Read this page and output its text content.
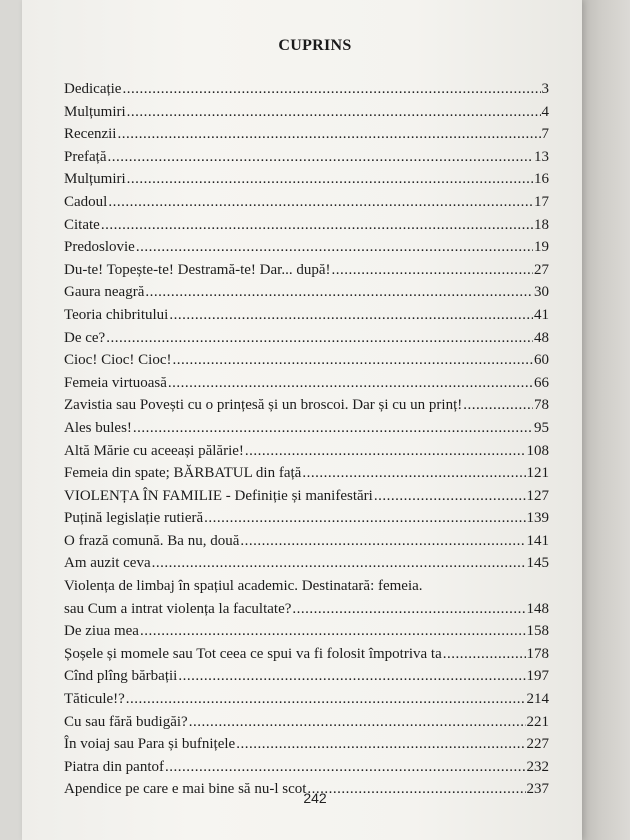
CUPRINS
Dedicație .....	3
Mulțumiri .....	4
Recenzii .....	7
Prefață .....	13
Mulțumiri .....	16
Cadoul .....	17
Citate .....	18
Predoslovie .....	19
Du-te! Topește-te! Destramă-te! Dar... după! .....	27
Gaura neagră .....	30
Teoria chibritului .....	41
De ce? .....	48
Cioc! Cioc! Cioc! .....	60
Femeia virtuoasă .....	66
Zavistia sau Povești cu o prințesă și un broscoi. Dar și cu un prinț! .....	78
Ales bules! .....	95
Altă Mărie cu aceeași pălărie! .....	108
Femeia din spate; BĂRBATUL din față .....	121
VIOLENȚA ÎN FAMILIE - Definiție și manifestări .....	127
Puțină legislație rutieră .....	139
O frază comună. Ba nu, două .....	141
Am auzit ceva .....	145
Violența de limbaj în spațiul academic. Destinatară: femeia.
sau Cum a intrat violența la facultate? .....	148
De ziua mea .....	158
Șoșele și momele sau Tot ceea ce spui va fi folosit împotriva ta .....	178
Cînd plîng bărbații .....	197
Tăticule!? .....	214
Cu sau fără budigăi? .....	221
În voiaj sau Para și bufnițele .....	227
Piatra din pantof .....	232
Apendice pe care e mai bine să nu-l scot .....	237
242
